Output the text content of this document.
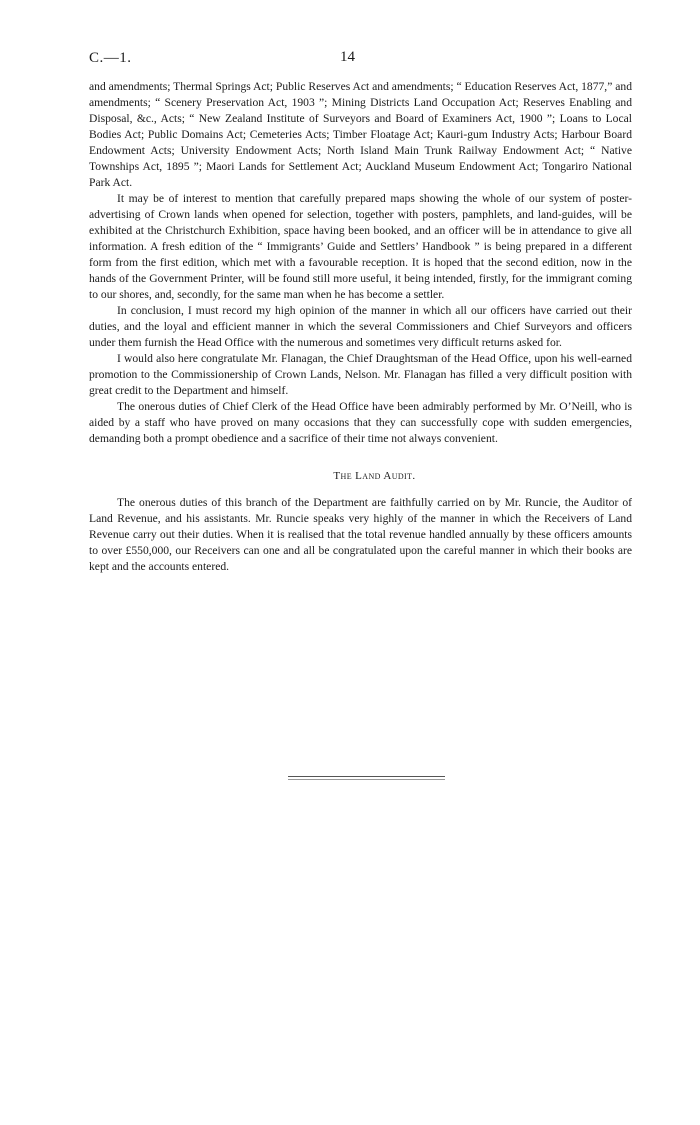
C.—1.	14

and amendments; Thermal Springs Act; Public Reserves Act and amendments; “ Education Reserves Act, 1877,” and amendments; “ Scenery Preservation Act, 1903 ”; Mining Districts Land Occupation Act; Reserves Enabling and Disposal, &c., Acts; “ New Zealand Institute of Surveyors and Board of Examiners Act, 1900 ”; Loans to Local Bodies Act; Public Domains Act; Cemeteries Acts; Timber Floatage Act; Kauri-gum Industry Acts; Harbour Board Endowment Acts; University Endowment Acts; North Island Main Trunk Railway Endowment Act; “ Native Townships Act, 1895 ”; Maori Lands for Settlement Act; Auckland Museum Endowment Act; Tongariro National Park Act.

It may be of interest to mention that carefully prepared maps showing the whole of our system of poster-advertising of Crown lands when opened for selection, together with posters, pamphlets, and land-guides, will be exhibited at the Christchurch Exhibition, space having been booked, and an officer will be in attendance to give all information. A fresh edition of the “ Immigrants’ Guide and Settlers’ Handbook ” is being prepared in a different form from the first edition, which met with a favourable reception. It is hoped that the second edition, now in the hands of the Government Printer, will be found still more useful, it being intended, firstly, for the immigrant coming to our shores, and, secondly, for the same man when he has become a settler.

In conclusion, I must record my high opinion of the manner in which all our officers have carried out their duties, and the loyal and efficient manner in which the several Commissioners and Chief Surveyors and officers under them furnish the Head Office with the numerous and sometimes very difficult returns asked for.

I would also here congratulate Mr. Flanagan, the Chief Draughtsman of the Head Office, upon his well-earned promotion to the Commissionership of Crown Lands, Nelson. Mr. Flanagan has filled a very difficult position with great credit to the Department and himself.

The onerous duties of Chief Clerk of the Head Office have been admirably performed by Mr. O’Neill, who is aided by a staff who have proved on many occasions that they can successfully cope with sudden emergencies, demanding both a prompt obedience and a sacrifice of their time not always convenient.

The Land Audit.

The onerous duties of this branch of the Department are faithfully carried on by Mr. Runcie, the Auditor of Land Revenue, and his assistants. Mr. Runcie speaks very highly of the manner in which the Receivers of Land Revenue carry out their duties. When it is realised that the total revenue handled annually by these officers amounts to over £550,000, our Receivers can one and all be congratulated upon the careful manner in which their books are kept and the accounts entered.
